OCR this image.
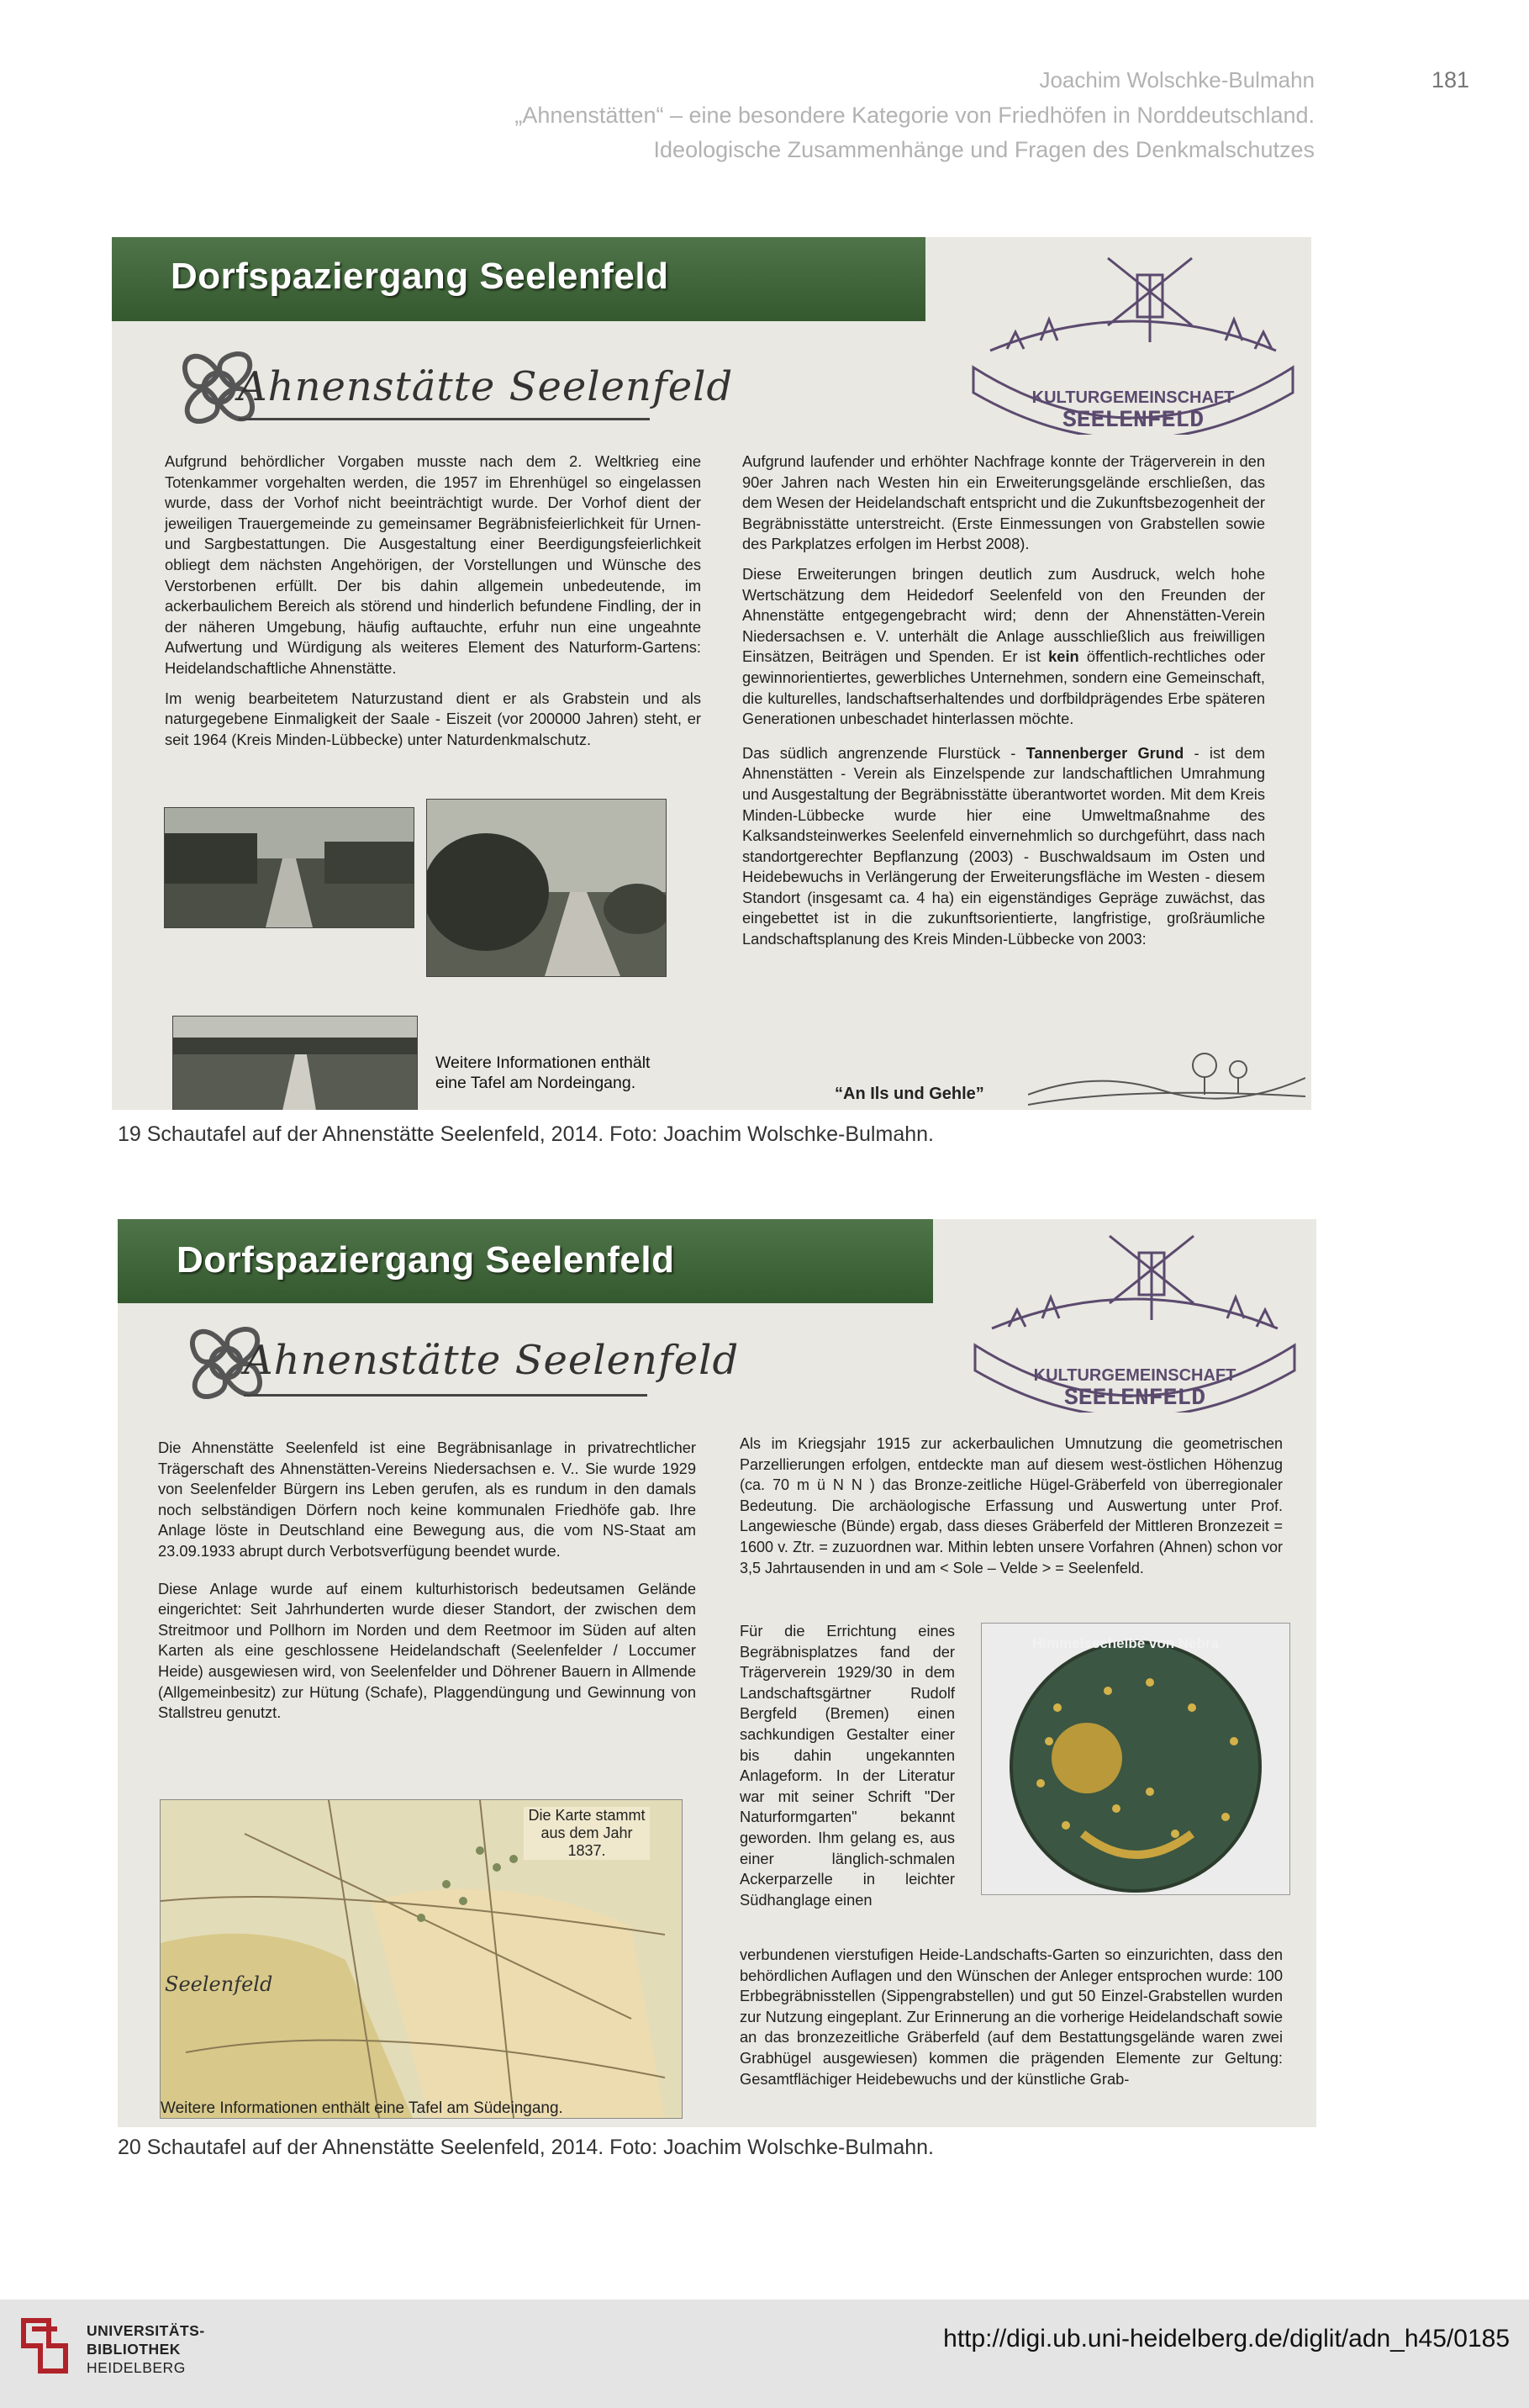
Joachim Wolschke-Bulmahn	181
„Ahnenstätten“ – eine besondere Kategorie von Friedhöfen in Norddeutschland.
Ideologische Zusammenhänge und Fragen des Denkmalschutzes
Dorfspaziergang Seelenfeld
Ahnenstätte Seelenfeld	KULTURGEMEINSCHAFT
SEELENFELD

Aufgrund behördlicher Vorgaben musste nach dem 2. Weltkrieg eine Totenkammer vorgehalten werden, die 1957 im Ehrenhügel so eingelassen wurde, dass der Vorhof nicht beeinträchtigt wurde. Der Vorhof dient der jeweiligen Trauergemeinde zu gemeinsamer Begräbnisfeierlichkeit für Urnen- und Sargbestattungen. Die Ausgestaltung einer Beerdigungsfeierlichkeit obliegt dem nächsten Angehörigen, der Vorstellungen und Wünsche des Verstorbenen erfüllt. Der bis dahin allgemein unbedeutende, im ackerbaulichem Bereich als störend und hinderlich befundene Findling, der in der näheren Umgebung, häufig auftauchte, erfuhr nun eine ungeahnte Aufwertung und Würdigung als weiteres Element des Naturform-Gartens: Heidelandschaftliche Ahnenstätte.

Im wenig bearbeitetem Naturzustand dient er als Grabstein und als naturgegebene Einmaligkeit der Saale - Eiszeit (vor 200000 Jahren) steht, er seit 1964 (Kreis Minden-Lübbecke) unter Naturdenkmalschutz.

Weitere Informationen enthält eine Tafel am Nordeingang.

Aufgrund laufender und erhöhter Nachfrage konnte der Trägerverein in den 90er Jahren nach Westen hin ein Erweiterungsgelände erschließen, das dem Wesen der Heidelandschaft entspricht und die Zukunftsbezogenheit der Begräbnisstätte unterstreicht. (Erste Einmessungen von Grabstellen sowie des Parkplatzes erfolgen im Herbst 2008).

Diese Erweiterungen bringen deutlich zum Ausdruck, welch hohe Wertschätzung dem Heidedorf Seelenfeld von den Freunden der Ahnenstätte entgegengebracht wird; denn der Ahnenstätten-Verein Niedersachsen e. V. unterhält die Anlage ausschließlich aus freiwilligen Einsätzen, Beiträgen und Spenden. Er ist kein öffentlich-rechtliches oder gewinnorientiertes, gewerbliches Unternehmen, sondern eine Gemeinschaft, die kulturelles, landschaftserhaltendes und dorfbildprägendes Erbe späteren Generationen unbeschadet hinterlassen möchte.

Das südlich angrenzende Flurstück - Tannenberger Grund - ist dem Ahnenstätten - Verein als Einzelspende zur landschaftlichen Umrahmung und Ausgestaltung der Begräbnisstätte überantwortet worden. Mit dem Kreis Minden-Lübbecke wurde hier eine Umweltmaßnahme des Kalksandsteinwerkes Seelenfeld einvernehmlich so durchgeführt, dass nach standortgerechter Bepflanzung (2003) - Buschwaldsaum im Osten und Heidebewuchs in Verlängerung der Erweiterungsfläche im Westen - diesem Standort (insgesamt ca. 4 ha) ein eigenständiges Gepräge zuwächst, das eingebettet ist in die zukunftsorientierte, langfristige, großräumliche Landschaftsplanung des Kreis Minden-Lübbecke von 2003:

“An Ils und Gehle”
19 Schautafel auf der Ahnenstätte Seelenfeld, 2014. Foto: Joachim Wolschke-Bulmahn.
Dorfspaziergang Seelenfeld
Ahnenstätte Seelenfeld	KULTURGEMEINSCHAFT
SEELENFELD

Die Ahnenstätte Seelenfeld ist eine Begräbnisanlage in privatrechtlicher Trägerschaft des Ahnenstätten-Vereins Niedersachsen e. V.. Sie wurde 1929 von Seelenfelder Bürgern ins Leben gerufen, als es rundum in den damals noch selbständigen Dörfern noch keine kommunalen Friedhöfe gab. Ihre Anlage löste in Deutschland eine Bewegung aus, die vom NS-Staat am 23.09.1933 abrupt durch Verbotsverfügung beendet wurde.

Diese Anlage wurde auf einem kulturhistorisch bedeutsamen Gelände eingerichtet: Seit Jahrhunderten wurde dieser Standort, der zwischen dem Streitmoor und Pollhorn im Norden und dem Reetmoor im Süden auf alten Karten als eine geschlossene Heidelandschaft (Seelenfelder / Loccumer Heide) ausgewiesen wird, von Seelenfelder und Döhrener Bauern in Allmende (Allgemeinbesitz) zur Hütung (Schafe), Plaggendüngung und Gewinnung von Stallstreu genutzt.

Seelenfeld
Die Karte stammt aus dem Jahr 1837.
Weitere Informationen enthält eine Tafel am Südeingang.

Als im Kriegsjahr 1915 zur ackerbaulichen Umnutzung die geometrischen Parzellierungen erfolgen, entdeckte man auf diesem west-östlichen Höhenzug (ca. 70 m ü N N ) das Bronze-zeitliche Hügel-Gräberfeld von überregionaler Bedeutung. Die archäologische Erfassung und Auswertung unter Prof. Langewiesche (Bünde) ergab, dass dieses Gräberfeld der Mittleren Bronzezeit = 1600 v. Ztr. = zuzuordnen war. Mithin lebten unsere Vorfahren (Ahnen) schon vor 3,5 Jahrtausenden in und am < Sole – Velde > = Seelenfeld.

Für die Errichtung eines Begräbnisplatzes fand der Trägerverein 1929/30 in dem Landschaftsgärtner Rudolf Bergfeld (Bremen) einen sachkundigen Gestalter einer bis dahin ungekannten Anlageform. In der Literatur war mit seiner Schrift "Der Naturformgarten" bekannt geworden. Ihm gelang es, aus einer länglich-schmalen Ackerparzelle in leichter Südhanglage einen

Himmelsscheibe von Nebra

verbundenen vierstufigen Heide-Landschafts-Garten so einzurichten, dass den behördlichen Auflagen und den Wünschen der Anleger entsprochen wurde: 100 Erbbegräbnisstellen (Sippengrabstellen) und gut 50 Einzel-Grabstellen wurden zur Nutzung eingeplant. Zur Erinnerung an die vorherige Heidelandschaft sowie an das bronzezeitliche Gräberfeld (auf dem Bestattungsgelände waren zwei Grabhügel ausgewiesen) kommen die prägenden Elemente zur Geltung: Gesamtflächiger Heidebewuchs und der künstliche Grab-

20 Schautafel auf der Ahnenstätte Seelenfeld, 2014. Foto: Joachim Wolschke-Bulmahn.
UNIVERSITÄTS-
BIBLIOTHEK
HEIDELBERG
http://digi.ub.uni-heidelberg.de/diglit/adn_h45/0185
